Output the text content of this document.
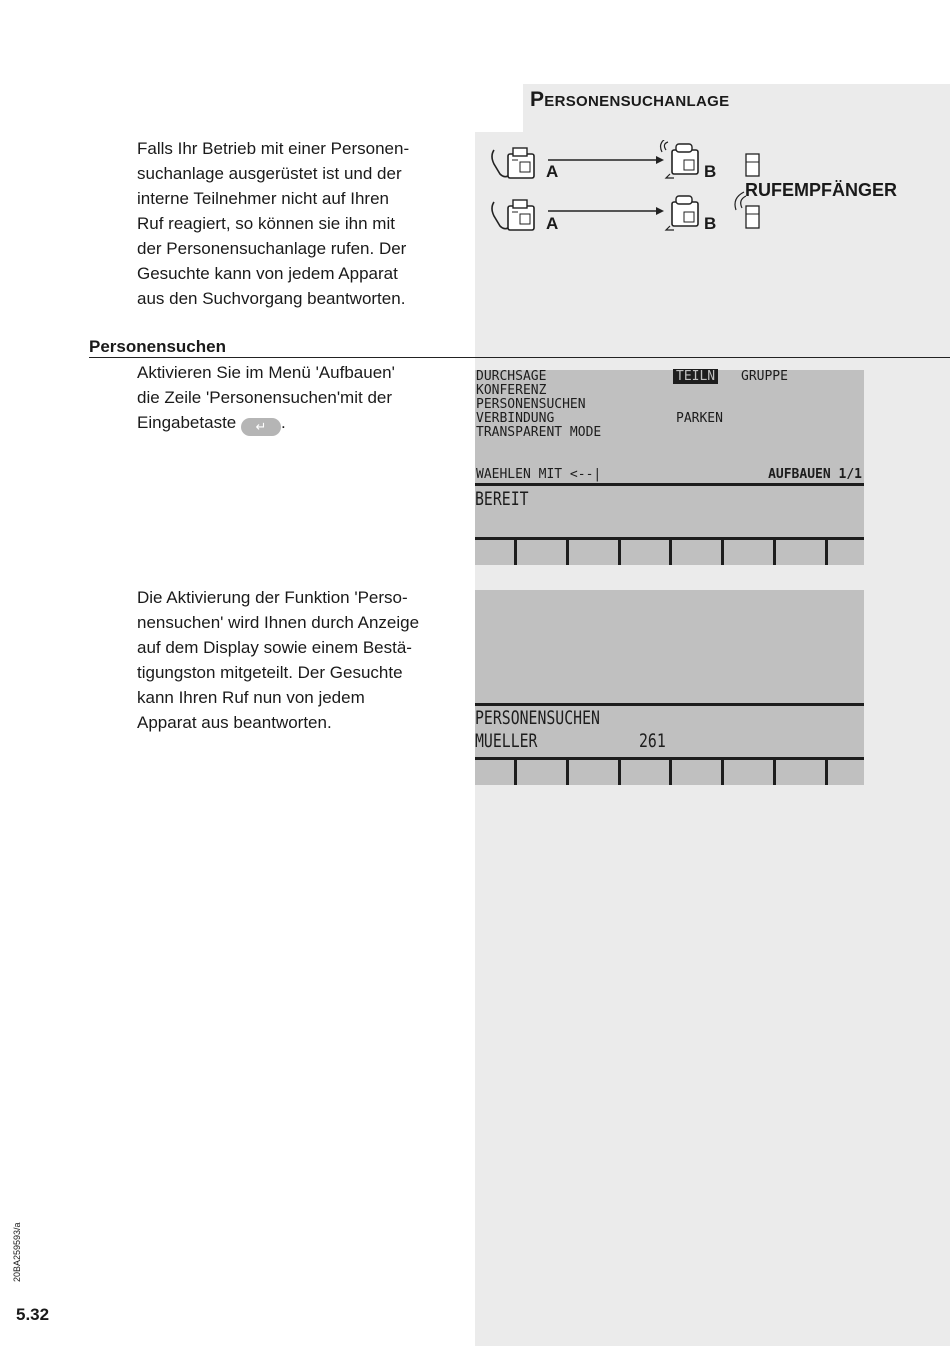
Personensuchanlage

Falls Ihr Betrieb mit einer Personen-
suchanlage ausgerüstet ist und der
interne Teilnehmer nicht auf Ihren
Ruf reagiert, so können sie ihn mit
der Personensuchanlage rufen. Der
Gesuchte kann von jedem Apparat
aus den Suchvorgang beantworten.

A	B
A	B
RUFEMPFÄNGER
Personensuchen

Aktivieren Sie im Menü 'Aufbauen'
die Zeile 'Personensuchen'mit der
Eingabetaste ↵ .

DURCHSAGE
KONFERENZ
PERSONENSUCHEN
VERBINDUNG
TRANSPARENT MODE
TEILN GRUPPE
PARKEN
WAEHLEN MIT <--|	AUFBAUEN 1/1
BEREIT

Die Aktivierung der Funktion 'Perso-
nensuchen' wird Ihnen durch Anzeige
auf dem Display sowie einem Bestä-
tigungston mitgeteilt. Der Gesuchte
kann Ihren Ruf nun von jedem
Apparat aus beantworten.	PERSONENSUCHEN
MUELLER	261
20BA259593/a
5.32
